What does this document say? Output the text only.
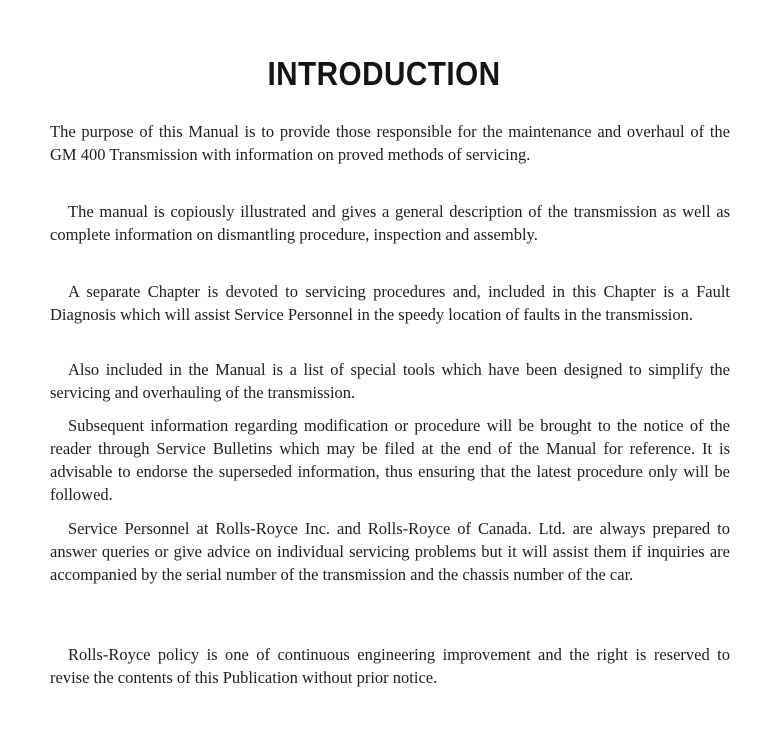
INTRODUCTION

The purpose of this Manual is to provide those responsible for the maintenance and overhaul of the GM 400 Transmission with information on proved methods of servicing.

The manual is copiously illustrated and gives a general description of the transmission as well as complete information on dismantling procedure, inspection and assembly.

A separate Chapter is devoted to servicing procedures and, included in this Chapter is a Fault Diagnosis which will assist Service Personnel in the speedy location of faults in the transmission.

Also included in the Manual is a list of special tools which have been designed to simplify the servicing and overhauling of the transmission.

Subsequent information regarding modification or procedure will be brought to the notice of the reader through Service Bulletins which may be filed at the end of the Manual for reference. It is advisable to endorse the superseded information, thus ensuring that the latest procedure only will be followed.

Service Personnel at Rolls-Royce Inc. and Rolls-Royce of Canada. Ltd. are always prepared to answer queries or give advice on individual servicing problems but it will assist them if inquiries are accompanied by the serial number of the transmission and the chassis number of the car.

Rolls-Royce policy is one of continuous engineering improvement and the right is reserved to revise the contents of this Publication without prior notice.
